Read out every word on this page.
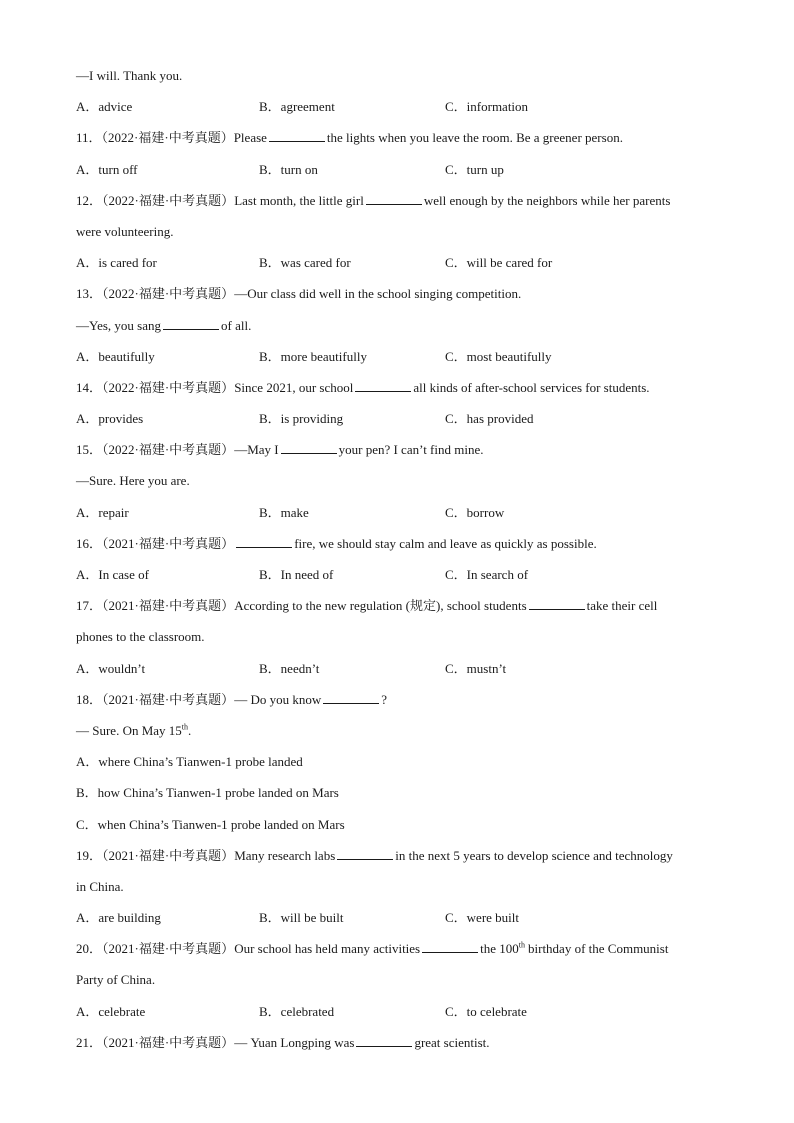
—I will. Thank you.
A．advice	B．agreement	C．information
11．（2022·福建·中考真题）Please	the lights when you leave the room. Be a greener person.
A．turn off	B．turn on	C．turn up
12．（2022·福建·中考真题）Last month, the little girl	well enough by the neighbors while her parents
were volunteering.
A．is cared for	B．was cared for	C．will be cared for
13．（2022·福建·中考真题）—Our class did well in the school singing competition.
—Yes, you sang	of all.
A．beautifully	B．more beautifully	C．most beautifully
14．（2022·福建·中考真题）Since 2021, our school	all kinds of after-school services for students.
A．provides	B．is providing	C．has provided
15．（2022·福建·中考真题）—May I	your pen? I can’t find mine.
—Sure. Here you are.
A．repair	B．make	C．borrow
16．（2021·福建·中考真题）	fire, we should stay calm and leave as quickly as possible.
A．In case of	B．In need of	C．In search of
17．（2021·福建·中考真题）According to the new regulation (规定), school students	take their cell
phones to the classroom.
A．wouldn’t	B．needn’t	C．mustn’t
18．（2021·福建·中考真题）— Do you know	?
— Sure. On May 15th.
A．where China’s Tianwen-1 probe landed
B．how China’s Tianwen-1 probe landed on Mars
C．when China’s Tianwen-1 probe landed on Mars
19．（2021·福建·中考真题）Many research labs	in the next 5 years to develop science and technology
in China.
A．are building	B．will be built	C．were built
20．（2021·福建·中考真题）Our school has held many activities	the 100th birthday of the Communist
Party of China.
A．celebrate	B．celebrated	C．to celebrate
21．（2021·福建·中考真题）— Yuan Longping was	great scientist.
